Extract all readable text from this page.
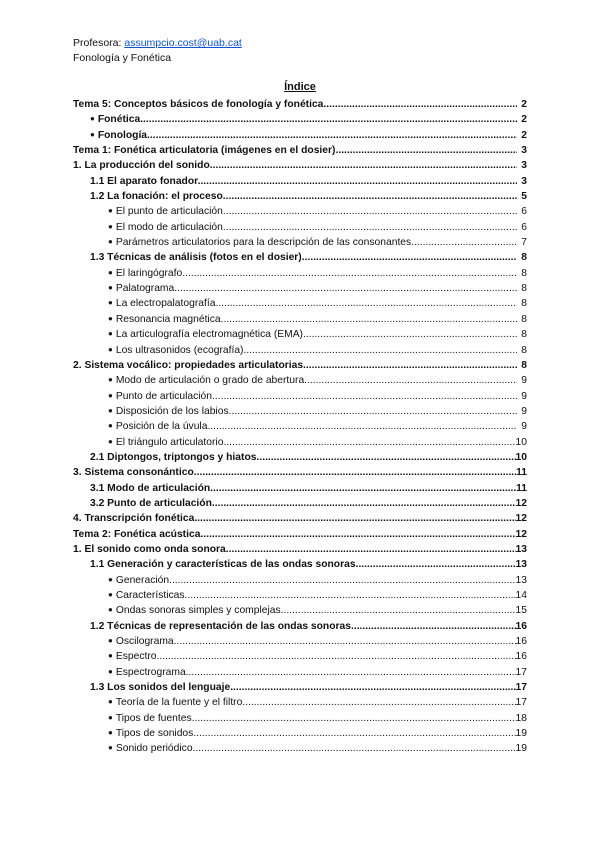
Profesora: assumpcio.cost@uab.cat
Fonología y Fonética
Índice
Tema 5: Conceptos básicos de fonología y fonética .....	2
● Fonética .....	2
● Fonología .....	2
Tema 1: Fonética articulatoria (imágenes en el dosier) .....	3
1. La producción del sonido .....	3
1.1 El aparato fonador. .....	3
1.2 La fonación: el proceso. .....	5
● El punto de articulación .....	6
● El modo de articulación .....	6
● Parámetros articulatorios para la descripción de las consonantes .....	7
1.3 Técnicas de análisis (fotos en el dosier) .....	8
● El laringógrafo .....	8
● Palatograma .....	8
● La electropalatografía .....	8
● Resonancia magnética .....	8
● La articulografía electromagnética (EMA). .....	8
● Los ultrasonidos (ecografía) .....	8
2. Sistema vocálico: propiedades articulatorias. .....	8
● Modo de articulación o grado de abertura .....	9
● Punto de articulación .....	9
● Disposición de los labios .....	9
● Posición de la úvula .....	9
● El triángulo articulatorio .....	10
2.1 Diptongos, triptongos y hiatos .....	10
3. Sistema consonántico .....	11
3.1 Modo de articulación. .....	11
3.2 Punto de articulación .....	12
4. Transcripción fonética .....	12
Tema 2: Fonética acústica .....	12
1. El sonido como onda sonora .....	13
1.1 Generación y características de las ondas sonoras. .....	13
● Generación .....	13
● Características .....	14
● Ondas sonoras simples y complejas .....	15
1.2 Técnicas de representación de las ondas sonoras .....	16
● Oscilograma .....	16
● Espectro .....	16
● Espectrograma .....	17
1.3 Los sonidos del lenguaje .....	17
● Teoría de la fuente y el filtro .....	17
● Tipos de fuentes .....	18
● Tipos de sonidos .....	19
● Sonido periódico .....	19
